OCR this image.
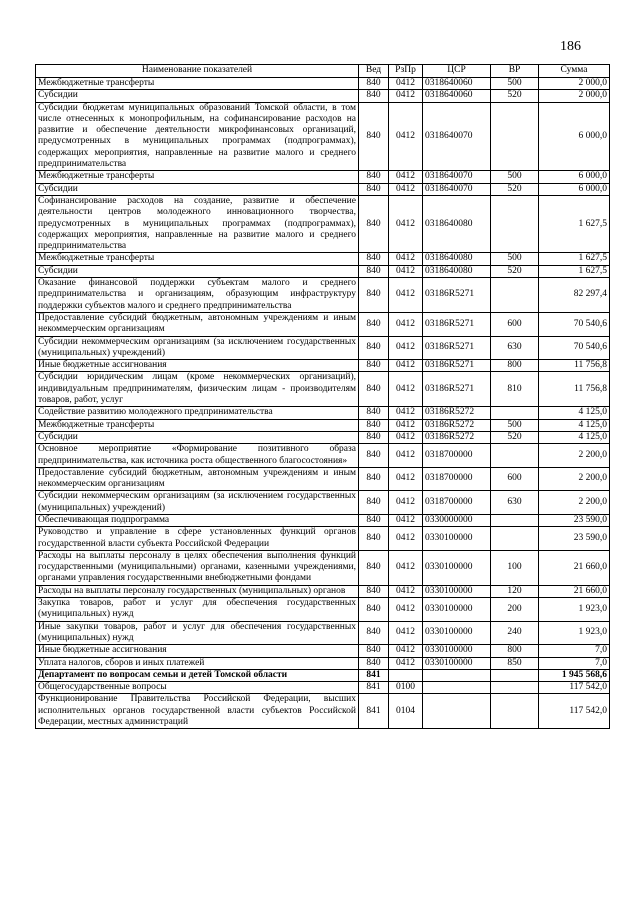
186
Наименование показателей	Вед	РзПр	ЦСР	ВР	Сумма
Межбюджетные трансферты	840	0412	0318640060	500	2 000,0
Субсидии	840	0412	0318640060	520	2 000,0
Субсидии бюджетам муниципальных образований Томской области, в том числе отнесенных к монопрофильным, на софинансирование расходов на развитие и обеспечение деятельности микрофинансовых организаций, предусмотренных в муниципальных программах (подпрограммах), содержащих мероприятия, направленные на развитие малого и среднего предпринимательства	840	0412	0318640070		6 000,0
Межбюджетные трансферты	840	0412	0318640070	500	6 000,0
Субсидии	840	0412	0318640070	520	6 000,0
Софинансирование расходов на создание, развитие и обеспечение деятельности центров молодежного инновационного творчества, предусмотренных в муниципальных программах (подпрограммах), содержащих мероприятия, направленные на развитие малого и среднего предпринимательства	840	0412	0318640080		1 627,5
Межбюджетные трансферты	840	0412	0318640080	500	1 627,5
Субсидии	840	0412	0318640080	520	1 627,5
Оказание финансовой поддержки субъектам малого и среднего предпринимательства и организациям, образующим инфраструктуру поддержки субъектов малого и среднего предпринимательства	840	0412	03186R5271		82 297,4
Предоставление субсидий бюджетным, автономным учреждениям и иным некоммерческим организациям	840	0412	03186R5271	600	70 540,6
Субсидии некоммерческим организациям (за исключением государственных (муниципальных) учреждений)	840	0412	03186R5271	630	70 540,6
Иные бюджетные ассигнования	840	0412	03186R5271	800	11 756,8
Субсидии юридическим лицам (кроме некоммерческих организаций), индивидуальным предпринимателям, физическим лицам - производителям товаров, работ, услуг	840	0412	03186R5271	810	11 756,8
Содействие развитию молодежного предпринимательства	840	0412	03186R5272		4 125,0
Межбюджетные трансферты	840	0412	03186R5272	500	4 125,0
Субсидии	840	0412	03186R5272	520	4 125,0
Основное мероприятие «Формирование позитивного образа предпринимательства, как источника роста общественного благосостояния»	840	0412	0318700000		2 200,0
Предоставление субсидий бюджетным, автономным учреждениям и иным некоммерческим организациям	840	0412	0318700000	600	2 200,0
Субсидии некоммерческим организациям (за исключением государственных (муниципальных) учреждений)	840	0412	0318700000	630	2 200,0
Обеспечивающая подпрограмма	840	0412	0330000000		23 590,0
Руководство и управление в сфере установленных функций органов государственной власти субъекта Российской Федерации	840	0412	0330100000		23 590,0
Расходы на выплаты персоналу в целях обеспечения выполнения функций государственными (муниципальными) органами, казенными учреждениями, органами управления государственными внебюджетными фондами	840	0412	0330100000	100	21 660,0
Расходы на выплаты персоналу государственных (муниципальных) органов	840	0412	0330100000	120	21 660,0
Закупка товаров, работ и услуг для обеспечения государственных (муниципальных) нужд	840	0412	0330100000	200	1 923,0
Иные закупки товаров, работ и услуг для обеспечения государственных (муниципальных) нужд	840	0412	0330100000	240	1 923,0
Иные бюджетные ассигнования	840	0412	0330100000	800	7,0
Уплата налогов, сборов и иных платежей	840	0412	0330100000	850	7,0
Департамент по вопросам семьи и детей Томской области	841				1 945 568,6
Общегосударственные вопросы	841	0100			117 542,0
Функционирование Правительства Российской Федерации, высших исполнительных органов государственной власти субъектов Российской Федерации, местных администраций	841	0104			117 542,0
